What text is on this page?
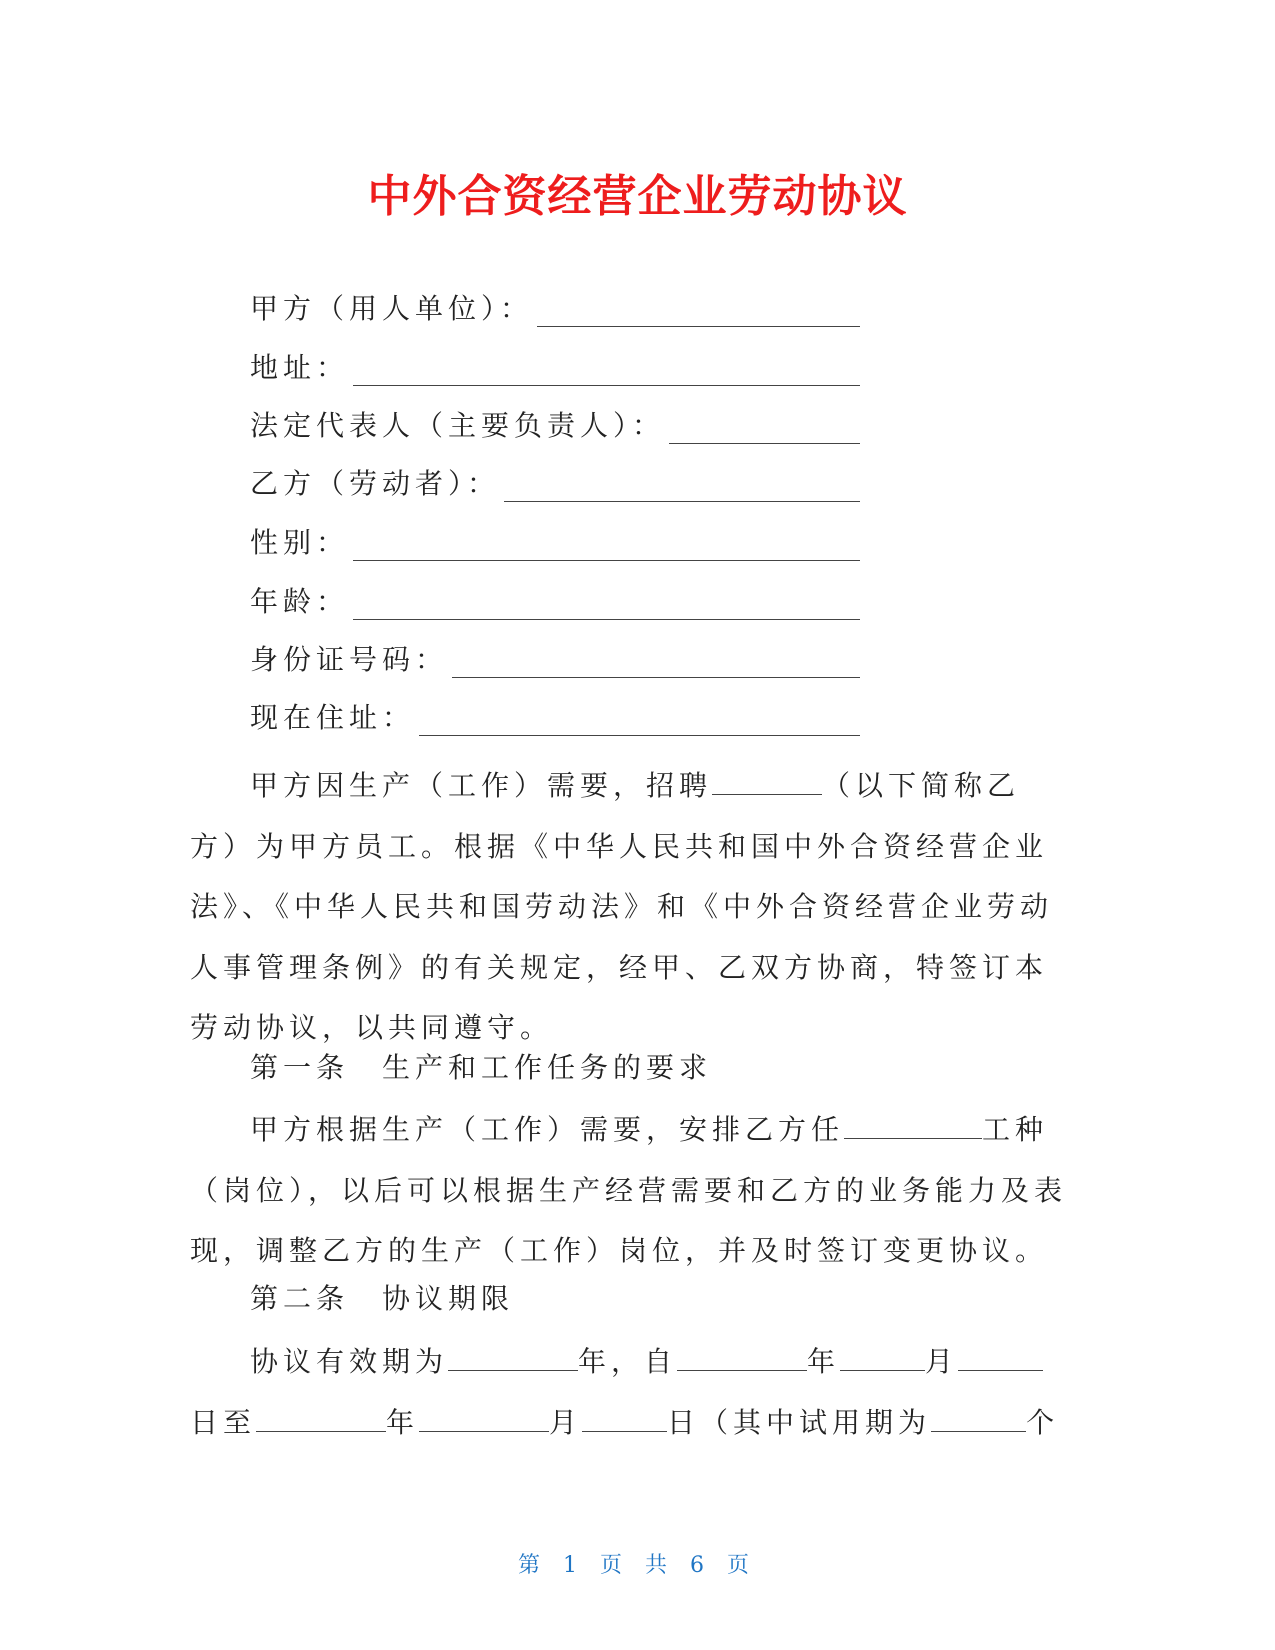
中外合资经营企业劳动协议
甲方（用人单位）：
地址：
法定代表人（主要负责人）：
乙方（劳动者）：
性别：
年龄：
身份证号码：
现在住址：

甲方因生产（工作）需要，招聘	（以下简称乙方）为甲方员工。根据《中华人民共和国中外合资经营企业法》、《中华人民共和国劳动法》和《中外合资经营企业劳动人事管理条例》的有关规定，经甲、乙双方协商，特签订本劳动协议，以共同遵守。

第一条　生产和工作任务的要求

甲方根据生产（工作）需要，安排乙方任	工种（岗位），以后可以根据生产经营需要和乙方的业务能力及表现，调整乙方的生产（工作）岗位，并及时签订变更协议。

第二条　协议期限

协议有效期为	年，自	年	月日至	年	月	日（其中试用期为	个

第 1 页 共 6 页
